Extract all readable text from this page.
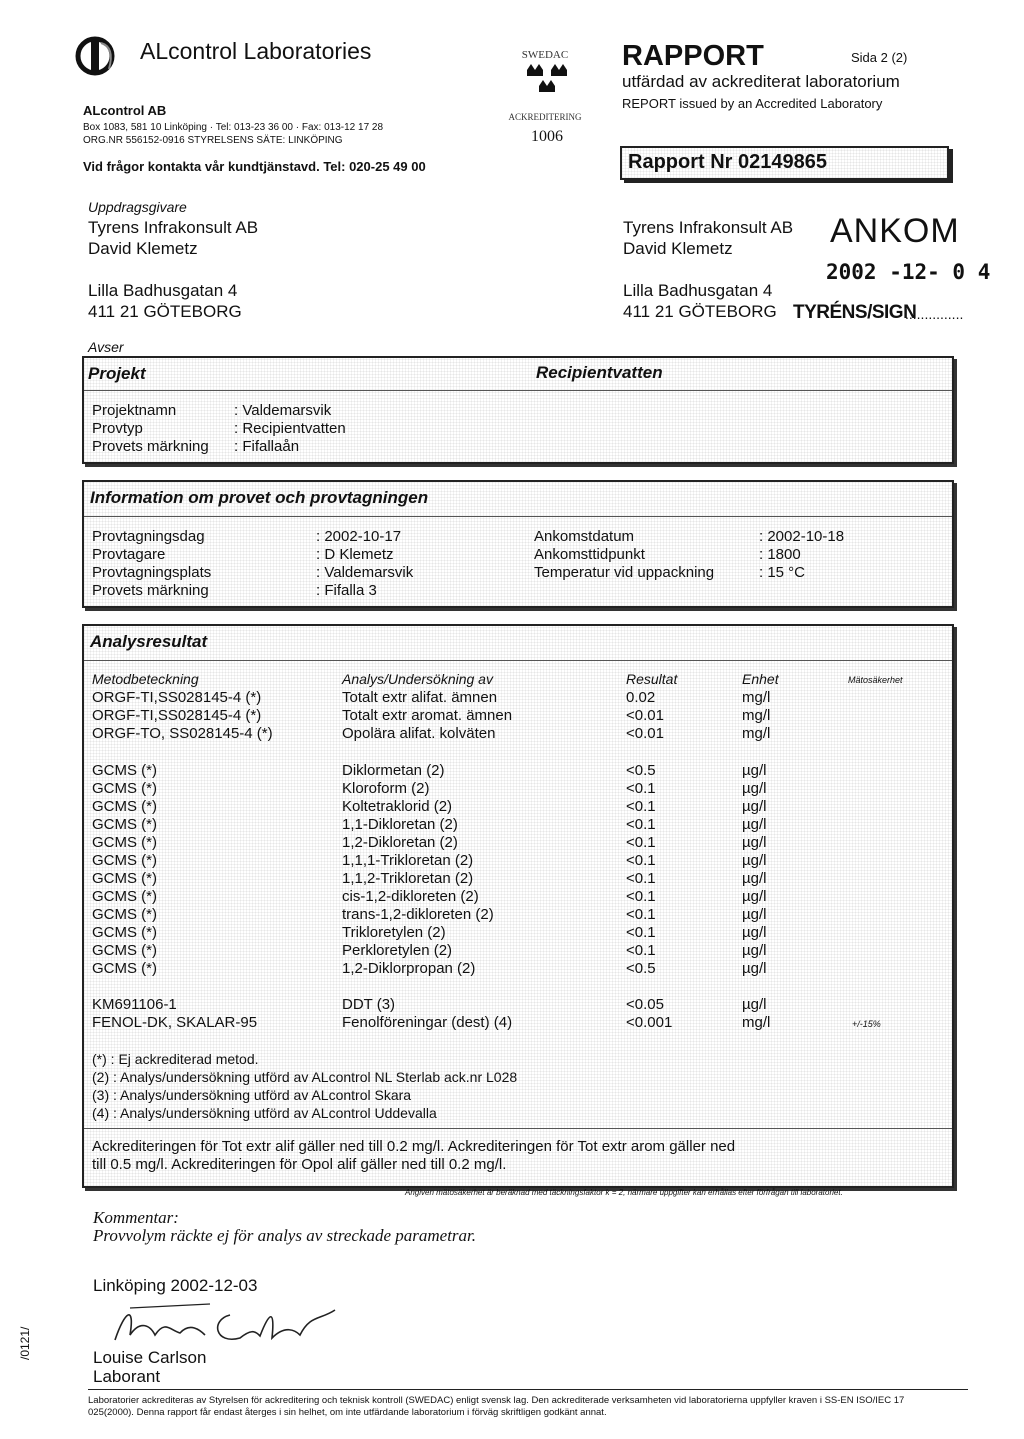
ALcontrol Laboratories
ALcontrol AB
Box 1083, 581 10 Linköping · Tel: 013-23 36 00 · Fax: 013-12 17 28
ORG.NR 556152-0916 STYRELSENS SÄTE: LINKÖPING
Vid frågor kontakta vår kundtjänstavd. Tel: 020-25 49 00
SWEDAC
ACKREDITERING
1006
RAPPORT	Sida 2 (2)
utfärdad av ackrediterat laboratorium
REPORT issued by an Accredited Laboratory
Rapport Nr 02149865
Uppdragsgivare
Tyrens Infrakonsult AB
David Klemetz
Lilla Badhusgatan 4
411 21 GÖTEBORG
Tyrens Infrakonsult AB
David Klemetz
Lilla Badhusgatan 4
411 21 GÖTEBORG
ANKOM
2002 -12- 0 4
TYRÉNS/SIGN
...............
Avser
Projekt	Recipientvatten
Projektnamn	: Valdemarsvik
Provtyp	: Recipientvatten
Provets märkning : Fifallaån
Information om provet och provtagningen
Provtagningsdag	: 2002-10-17	Ankomstdatum	: 2002-10-18
Provtagare	: D Klemetz	Ankomsttidpunkt	: 1800
Provtagningsplats	: Valdemarsvik	Temperatur vid uppackning	: 15 °C
Provets märkning	: Fifalla 3
Analysresultat
Metodbeteckning	Analys/Undersökning av	Resultat	Enhet	Mätosäkerhet
ORGF-TI,SS028145-4 (*)	Totalt extr alifat. ämnen	0.02	mg/l
ORGF-TI,SS028145-4 (*)	Totalt extr aromat. ämnen	<0.01	mg/l
ORGF-TO, SS028145-4 (*)	Opolära alifat. kolväten	<0.01	mg/l
GCMS (*)	Diklormetan (2)	<0.5	µg/l
GCMS (*)	Kloroform (2)	<0.1	µg/l
GCMS (*)	Koltetraklorid (2)	<0.1	µg/l
GCMS (*)	1,1-Dikloretan (2)	<0.1	µg/l
GCMS (*)	1,2-Dikloretan (2)	<0.1	µg/l
GCMS (*)	1,1,1-Trikloretan (2)	<0.1	µg/l
GCMS (*)	1,1,2-Trikloretan (2)	<0.1	µg/l
GCMS (*)	cis-1,2-dikloreten (2)	<0.1	µg/l
GCMS (*)	trans-1,2-dikloreten (2)	<0.1	µg/l
GCMS (*)	Trikloretylen (2)	<0.1	µg/l
GCMS (*)	Perkloretylen (2)	<0.1	µg/l
GCMS (*)	1,2-Diklorpropan (2)	<0.5	µg/l
KM691106-1	DDT (3)	<0.05	µg/l
FENOL-DK, SKALAR-95	Fenolföreningar (dest) (4)	<0.001	mg/l	+/-15%
(*) : Ej ackrediterad metod.
(2) : Analys/undersökning utförd av ALcontrol NL Sterlab ack.nr L028
(3) : Analys/undersökning utförd av ALcontrol Skara
(4) : Analys/undersökning utförd av ALcontrol Uddevalla
Ackrediteringen för Tot extr alif gäller ned till 0.2 mg/l. Ackrediteringen för Tot extr arom gäller ned
till 0.5 mg/l. Ackrediteringen för Opol alif gäller ned till 0.2 mg/l.
Angiven mätosäkerhet är beräknad med täckningsfaktor k = 2, närmare uppgifter kan erhållas efter förfrågan till laboratoriet.
Kommentar:
Provvolym räckte ej för analys av streckade parametrar.
Linköping 2002-12-03
Louise Carlson
Laborant
/0121/
Laboratorier ackrediteras av Styrelsen för ackreditering och teknisk kontroll (SWEDAC) enligt svensk lag. Den ackrediterade verksamheten vid laboratorierna uppfyller kraven i SS-EN ISO/IEC 17 025(2000). Denna rapport får endast återges i sin helhet, om inte utfärdande laboratorium i förväg skriftligen godkänt annat.
